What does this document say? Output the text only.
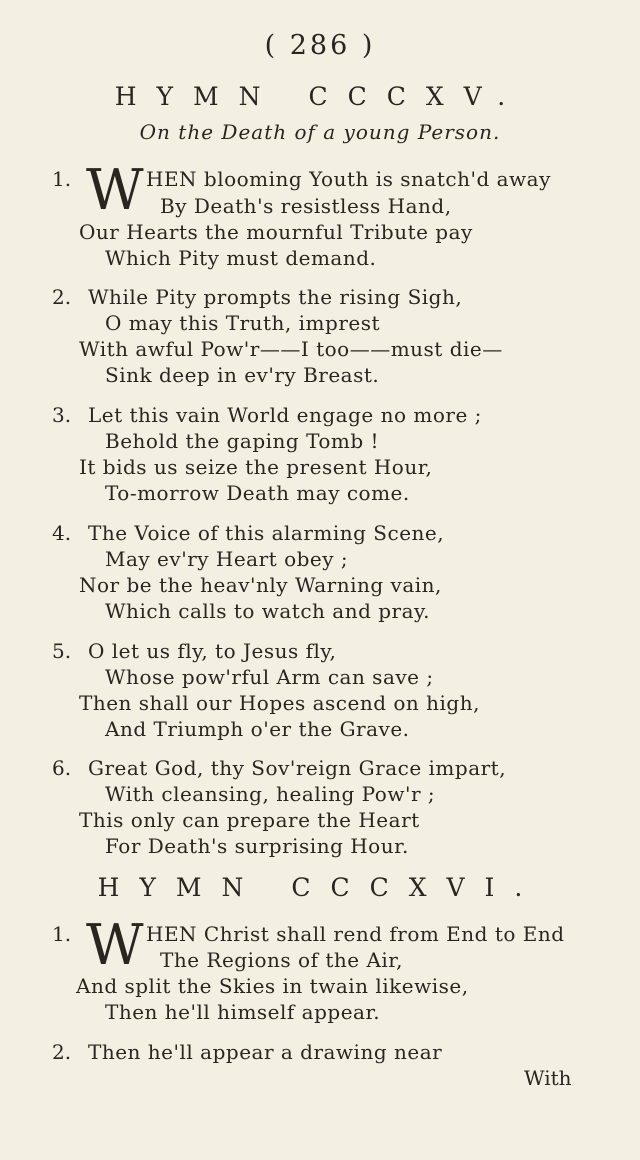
( 286 )
HYMN CCCXV.
On the Death of a young Person.
1. W HEN blooming Youth is snatch'd away
By Death's resistless Hand,
Our Hearts the mournful Tribute pay
Which Pity must demand.
2. While Pity prompts the rising Sigh,
O may this Truth, imprest
With awful Pow'r——I too——must die—
Sink deep in ev'ry Breast.
3. Let this vain World engage no more ;
Behold the gaping Tomb !
It bids us seize the present Hour,
To-morrow Death may come.
4. The Voice of this alarming Scene,
May ev'ry Heart obey ;
Nor be the heav'nly Warning vain,
Which calls to watch and pray.
5. O let us fly, to Jesus fly,
Whose pow'rful Arm can save ;
Then shall our Hopes ascend on high,
And Triumph o'er the Grave.
6. Great God, thy Sov'reign Grace impart,
With cleansing, healing Pow'r ;
This only can prepare the Heart
For Death's surprising Hour.
HYMN CCCXVI.
1. W HEN Christ shall rend from End to End
The Regions of the Air,
And split the Skies in twain likewise,
Then he'll himself appear.
2. Then he'll appear a drawing near
With
